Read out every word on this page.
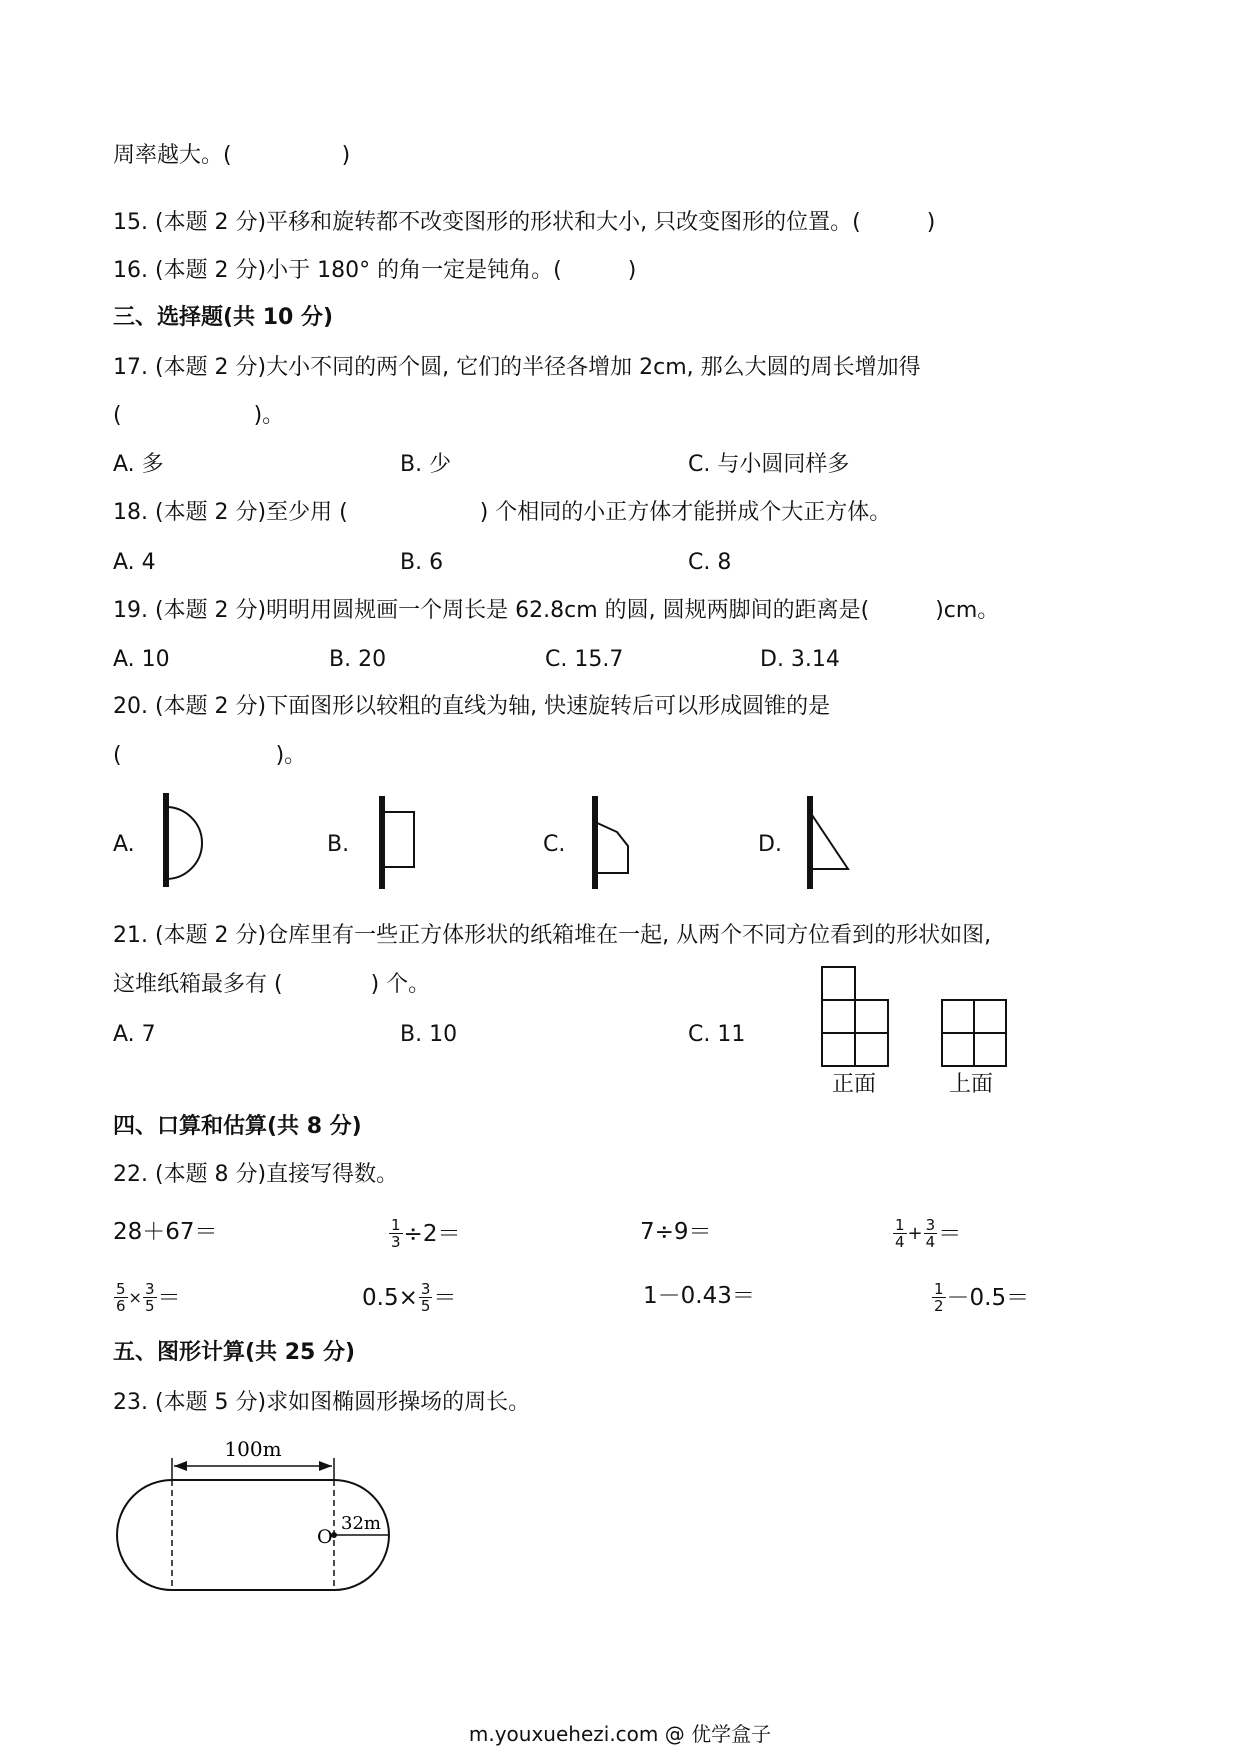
周率越大。(　　　　　)
15. (本题 2 分)平移和旋转都不改变图形的形状和大小, 只改变图形的位置。(　　　)
16. (本题 2 分)小于 180° 的角一定是钝角。(　　　)
三、选择题(共 10 分)
17. (本题 2 分)大小不同的两个圆, 它们的半径各增加 2cm, 那么大圆的周长增加得
(　　　　　　)。
A. 多	B. 少	C. 与小圆同样多
18. (本题 2 分)至少用 (　　　　　　) 个相同的小正方体才能拼成个大正方体。
A. 4	B. 6	C. 8
19. (本题 2 分)明明用圆规画一个周长是 62.8cm 的圆, 圆规两脚间的距离是(　　　)cm。
A. 10	B. 20	C. 15.7	D. 3.14
20. (本题 2 分)下面图形以较粗的直线为轴, 快速旋转后可以形成圆锥的是
(　　　　　　　)。
A.	B.	C.	D.
21. (本题 2 分)仓库里有一些正方体形状的纸箱堆在一起, 从两个不同方位看到的形状如图,
这堆纸箱最多有 (　　　　) 个。
A. 7	B. 10	C. 11
正面	上面
四、口算和估算(共 8 分)
22. (本题 8 分)直接写得数。
28＋67＝	$\frac{1}{3} \div 2=$	7÷9＝	$\frac{1}{4} + \frac{3}{4}$ ＝
$\frac{5}{6} \times \frac{3}{5}$ ＝	$0.5\times \frac{3}{5}$ ＝	1－0.43＝	$\frac{1}{2} -0.5=$
五、图形计算(共 25 分)
23. (本题 5 分)求如图椭圆形操场的周长。
100m
O
32m
m.youxuehezi.com @ 优学盒子
